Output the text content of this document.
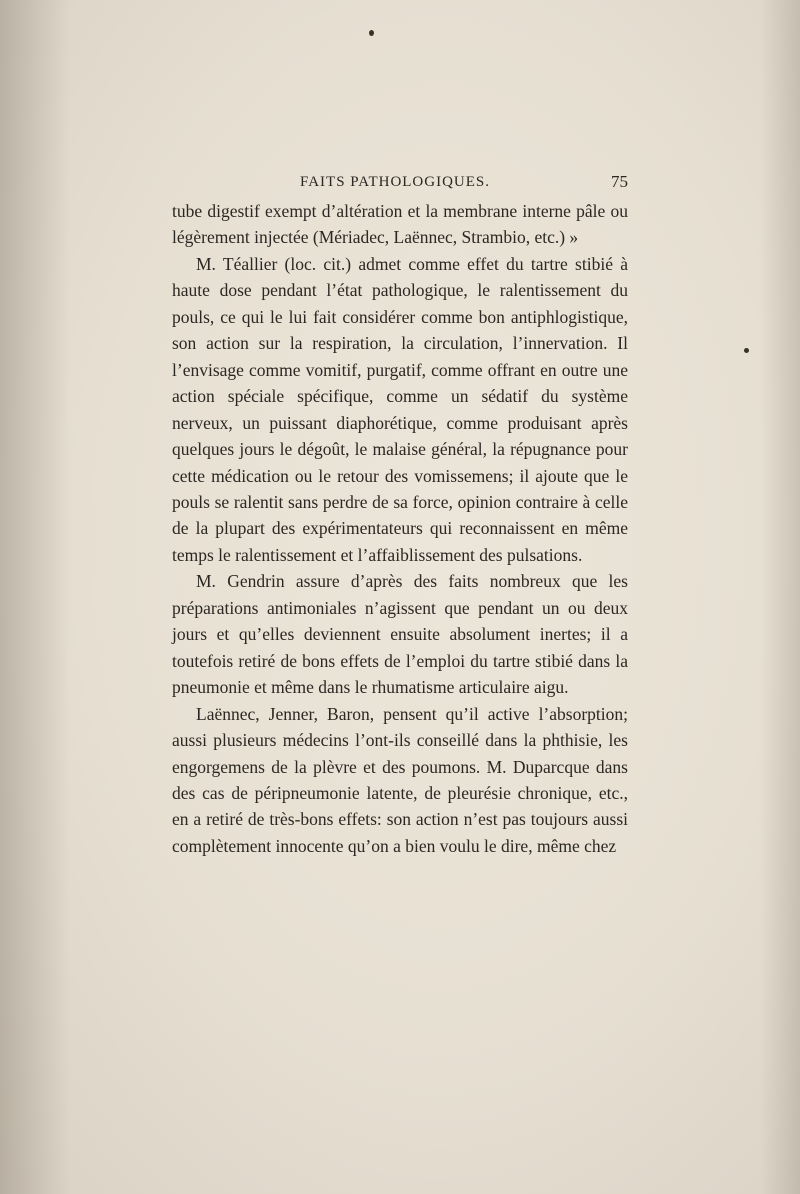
FAITS PATHOLOGIQUES.	75

tube digestif exempt d’altération et la membrane interne pâle ou légèrement injectée (Mériadec, Laënnec, Strambio, etc.) »

M. Téallier (loc. cit.) admet comme effet du tartre stibié à haute dose pendant l’état pathologique, le ralentissement du pouls, ce qui le lui fait considérer comme bon antiphlogistique, son action sur la respiration, la circulation, l’innervation. Il l’envisage comme vomitif, purgatif, comme offrant en outre une action spéciale spécifique, comme un sédatif du système nerveux, un puissant diaphorétique, comme produisant après quelques jours le dégoût, le malaise général, la répugnance pour cette médication ou le retour des vomissemens; il ajoute que le pouls se ralentit sans perdre de sa force, opinion contraire à celle de la plupart des expérimentateurs qui reconnaissent en même temps le ralentissement et l’affaiblissement des pulsations.

M. Gendrin assure d’après des faits nombreux que les préparations antimoniales n’agissent que pendant un ou deux jours et qu’elles deviennent ensuite absolument inertes; il a toutefois retiré de bons effets de l’emploi du tartre stibié dans la pneumonie et même dans le rhumatisme articulaire aigu.

Laënnec, Jenner, Baron, pensent qu’il active l’absorption; aussi plusieurs médecins l’ont-ils conseillé dans la phthisie, les engorgemens de la plèvre et des poumons. M. Duparcque dans des cas de péripneumonie latente, de pleurésie chronique, etc., en a retiré de très-bons effets: son action n’est pas toujours aussi complètement innocente qu’on a bien voulu le dire, même chez
